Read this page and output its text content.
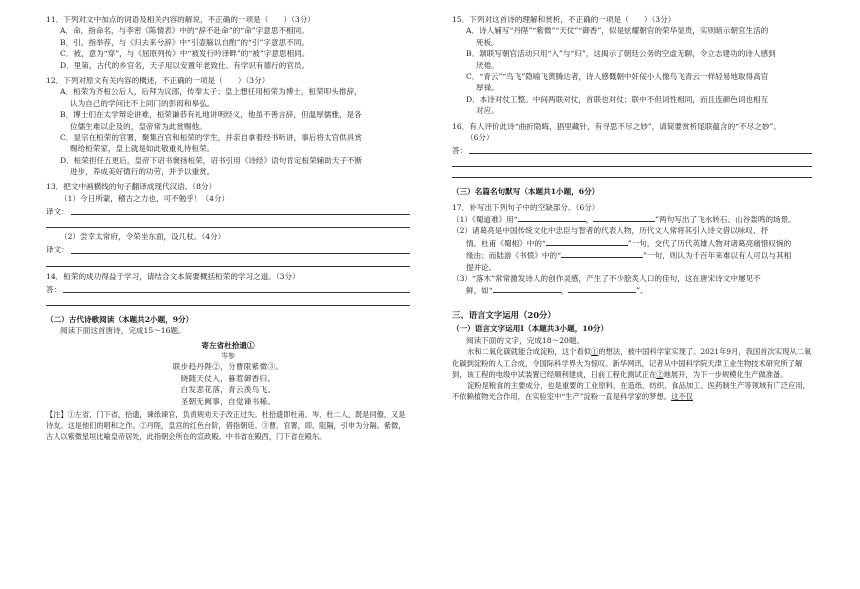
11．下列对文中加点的词语及相关内容的解说，不正确的一项是（　　）（3分）
A．命，指命名，与李密《陈情表》中的“辞不赴命”的“命”字意思不相同。
B．引，指举荐，与《归去来兮辞》中“引壶觞以自酌”的“引”字意思不同。
C．被，意为“穿”，与《屈原列传》中“被发行吟泽畔”的“被”字意思相同。
D．里第，古代的乡官名，天子用以安置年老致仕、有学识有德行的官员。
12．下列对原文有关内容的概述，不正确的一项是（　　）（3分）
A．桓荣为齐桓公后人，后拜为议郎，传奉太子；皇上想任用桓荣为博士，桓荣叩头推辞，
认为自己的学问比不上同门的彭闳和皋弘。
B．博士们在太学辩论讲难，桓荣谦恭有礼地讲明经义，他虽不善言辞，但温厚儒雅，是各
位儒生难以企及的，皇帝常为此赏赐他。
C．显宗在桓荣的官署，聚集百官和桓荣的学生，并亲自拿着经书听讲，事后将太官供具赏
赐给桓荣家，皇上就是如此敬重礼待桓荣。
D．桓荣担任五更后，皇帝下诏书褒扬桓荣，诏书引用《诗经》语句肯定桓荣辅助天子不断
进步，养成美好德行的功劳，并予以重赏。
13．把文中画横线的句子翻译成现代汉语。（8分）
（1）今日所蒙，稽古之力也，可不勉乎！（4分）
译文：
（2）尝幸太常府，令荣坐东面，设几杖。（4分）
译文：
14．桓荣的成功得益于学习，请结合文本简要概括桓荣的学习之道。（3分）
答：
（二）古代诗歌阅读（本题共2小题，9分）
阅读下面这首唐诗，完成15～16题。
寄左省杜拾遗①
岑参
联步趋丹陛②，分曹限紫微③。
晓随天仗入，暮惹御香归。
白发悲花落，青云羡鸟飞。
圣朝无阙事，自觉谏书稀。
【注】①左省，门下省，拾遗，谏纸谏官，负责规劝天子改正过失。杜拾遗即杜甫。岑、杜二人，既是同僚，又是诗友。这是他们的唱和之作。②丹陛，皇宫的红色台阶，借指朝廷。③曹，官署，即，阻隔，引申为分隔。紫微，古人以紫微星垣比喻皇帝居处，此指朝会所在的宣政殿。中书省在殿西，门下省在殿东。
15．下列对这首诗的理解和赏析，不正确的一项是（　　）（3分）
A．诗人辅写“丹陛”“紫微”“天仗”“御香”，似是炫耀朝官的荣华显贵，实则暗示朝官生活的
死板。
B．颔联写朝官活动只用“入”与“归”，这揭示了朝廷公务的空虚无聊，令立志建功的诗人感到
厌倦。
C．“青云”“鸟飞”隐喻飞黄腾达者，诗人感慨朝中奸佞小人像鸟飞青云一样轻易地取得高官
厚禄。
D．本诗对仗工整。中间两联对仗，首联也对仗；联中不但词性相同，而且连颜色词也相互
对应。
16．有人评价此诗“曲折隐晦，猖里藏针，有寻思不尽之妙”，请简要赏析尾联蕴含的“不尽之妙”。
（6分）
答：
（三）名篇名句默写（本题共1小题，6分）
17．补写出下列句子中的空缺部分。（6分）
（1）《蜀道难》用“	，	”两句写出了飞水转石、山谷轰鸣的场景。
（2）诸葛亮是中国传统文化中忠臣与智者的代表人物，历代文人常将其引入诗文借以咏叹、抒
情。杜甫《蜀相》中的“	”一句，交代了历代英雄人物对诸葛亮痛惜叹惋的
缘由；而陆游《书愤》中的“	”一句，则认为千百年来难以有人可以与其相
提并论。
（3）“落木”常常激发诗人的创作灵感，产生了不少脍炙人口的佳句，这在唐宋诗文中屡见不
鲜，如“	，	”。
三、语言文字运用（20分）
（一）语言文字运用Ⅰ（本题共3小题，10分）
阅读下面的文字，完成18～20题。
水和二氧化碳就能合成淀粉，这个看似①的想法，被中国科学家实现了。2021年9月，我国首次实现从二氧化碳到淀粉的人工合成，令国际科学界大为惊叹。新华网讯，记者从中国科学院天津工业生物技术研究所了解到，该工程的电级中试装置已经顺利建成，日前工程化测试正在②地展开，为下一步规模化生产做准备。
淀粉是粮食的主要成分，也是重要的工业原料，在造纸、纺织、食品加工、医药制生产等领域有广泛应用，不依赖植物光合作用，在实验室中“生产”淀粉一直是科学家的梦想。这不仅
